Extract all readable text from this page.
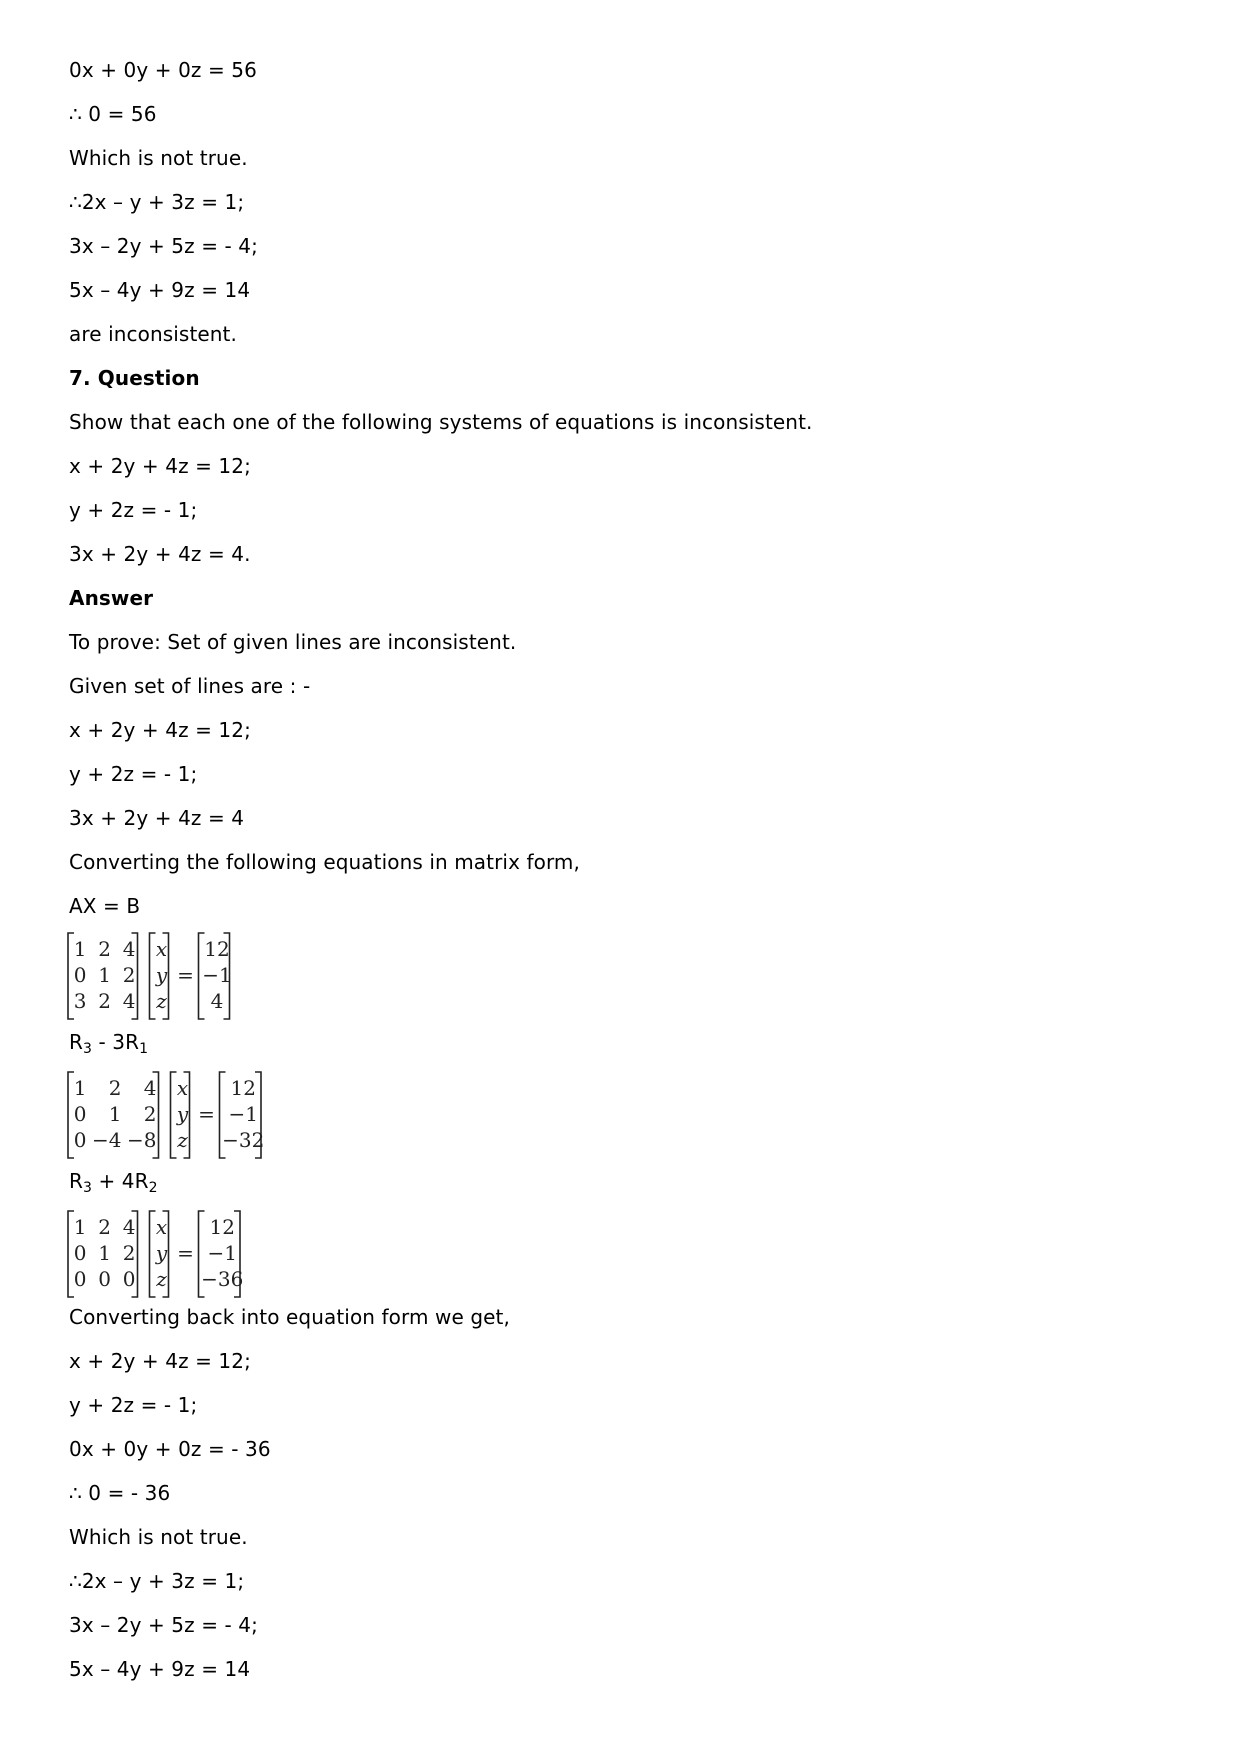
0x + 0y + 0z = 56
∴ 0 = 56
Which is not true.
∴2x – y + 3z = 1;
3x – 2y + 5z = - 4;
5x – 4y + 9z = 14
are inconsistent.
7. Question
Show that each one of the following systems of equations is inconsistent.
x + 2y + 4z = 12;
y + 2z = - 1;
3x + 2y + 4z = 4.
Answer
To prove: Set of given lines are inconsistent.
Given set of lines are : -
x + 2y + 4z = 12;
y + 2z = - 1;
3x + 2y + 4z = 4
Converting the following equations in matrix form,
AX = B
1 2 4
0 1 2
3 2 4
x
y
z
=
12
−1
4
$R_3 - 3R_1$
1 2 4
0 1 2
0 −4 −8
x
y
z
=
12
−1
−32
$R_3 + 4R_2$
1 2 4
0 1 2
0 0 0
x
y
z
=
12
−1
−36
Converting back into equation form we get,
x + 2y + 4z = 12;
y + 2z = - 1;
0x + 0y + 0z = - 36
∴ 0 = - 36
Which is not true.
∴2x – y + 3z = 1;
3x – 2y + 5z = - 4;
5x – 4y + 9z = 14
